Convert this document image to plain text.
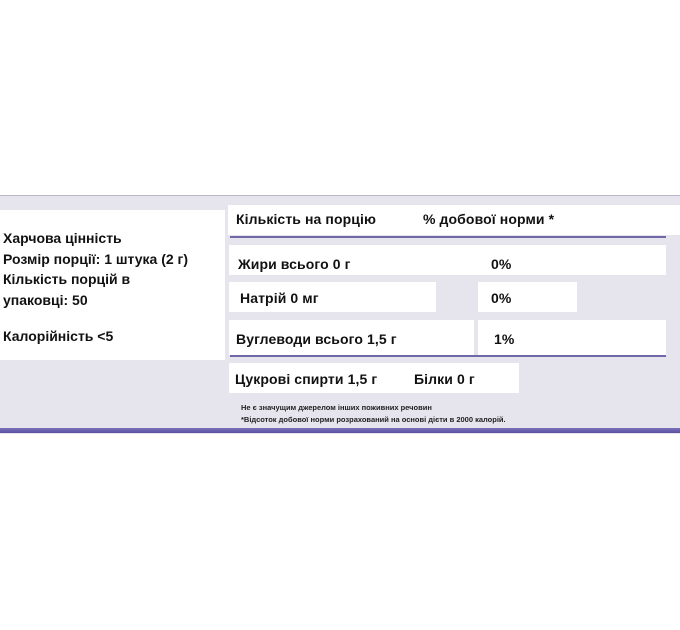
Харчова цінність
Розмір порції: 1 штука (2 г)
Кількість порцій в
упаковці: 50
Калорійність <5
Кількість на порцію	% добової норми *
Жири всього 0 г	0%
Натрій 0 мг	0%
Вуглеводи всього 1,5 г	1%
Цукрові спирти 1,5 г	Білки 0 г
Не є значущим джерелом інших поживних речовин
*Відсоток добової норми розрахований на основі дієти в 2000 калорій.
